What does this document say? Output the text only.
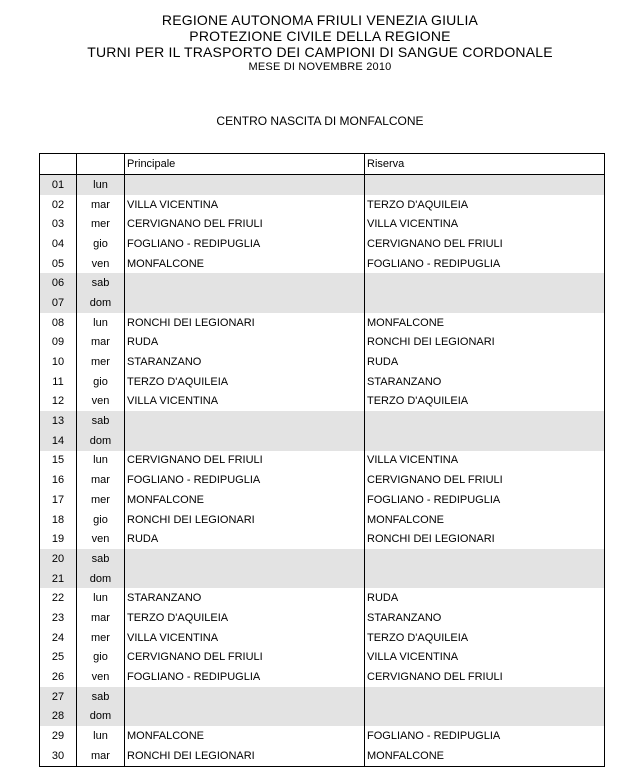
REGIONE AUTONOMA FRIULI VENEZIA GIULIA
PROTEZIONE CIVILE DELLA REGIONE
TURNI PER IL TRASPORTO DEI CAMPIONI DI SANGUE CORDONALE
MESE DI NOVEMBRE 2010
CENTRO NASCITA DI MONFALCONE
		Principale	Riserva
01	lun		
02	mar	VILLA VICENTINA	TERZO D'AQUILEIA
03	mer	CERVIGNANO DEL FRIULI	VILLA VICENTINA
04	gio	FOGLIANO - REDIPUGLIA	CERVIGNANO DEL FRIULI
05	ven	MONFALCONE	FOGLIANO - REDIPUGLIA
06	sab		
07	dom		
08	lun	RONCHI DEI LEGIONARI	MONFALCONE
09	mar	RUDA	RONCHI DEI LEGIONARI
10	mer	STARANZANO	RUDA
11	gio	TERZO D'AQUILEIA	STARANZANO
12	ven	VILLA VICENTINA	TERZO D'AQUILEIA
13	sab		
14	dom		
15	lun	CERVIGNANO DEL FRIULI	VILLA VICENTINA
16	mar	FOGLIANO - REDIPUGLIA	CERVIGNANO DEL FRIULI
17	mer	MONFALCONE	FOGLIANO - REDIPUGLIA
18	gio	RONCHI DEI LEGIONARI	MONFALCONE
19	ven	RUDA	RONCHI DEI LEGIONARI
20	sab		
21	dom		
22	lun	STARANZANO	RUDA
23	mar	TERZO D'AQUILEIA	STARANZANO
24	mer	VILLA VICENTINA	TERZO D'AQUILEIA
25	gio	CERVIGNANO DEL FRIULI	VILLA VICENTINA
26	ven	FOGLIANO - REDIPUGLIA	CERVIGNANO DEL FRIULI
27	sab		
28	dom		
29	lun	MONFALCONE	FOGLIANO - REDIPUGLIA
30	mar	RONCHI DEI LEGIONARI	MONFALCONE
